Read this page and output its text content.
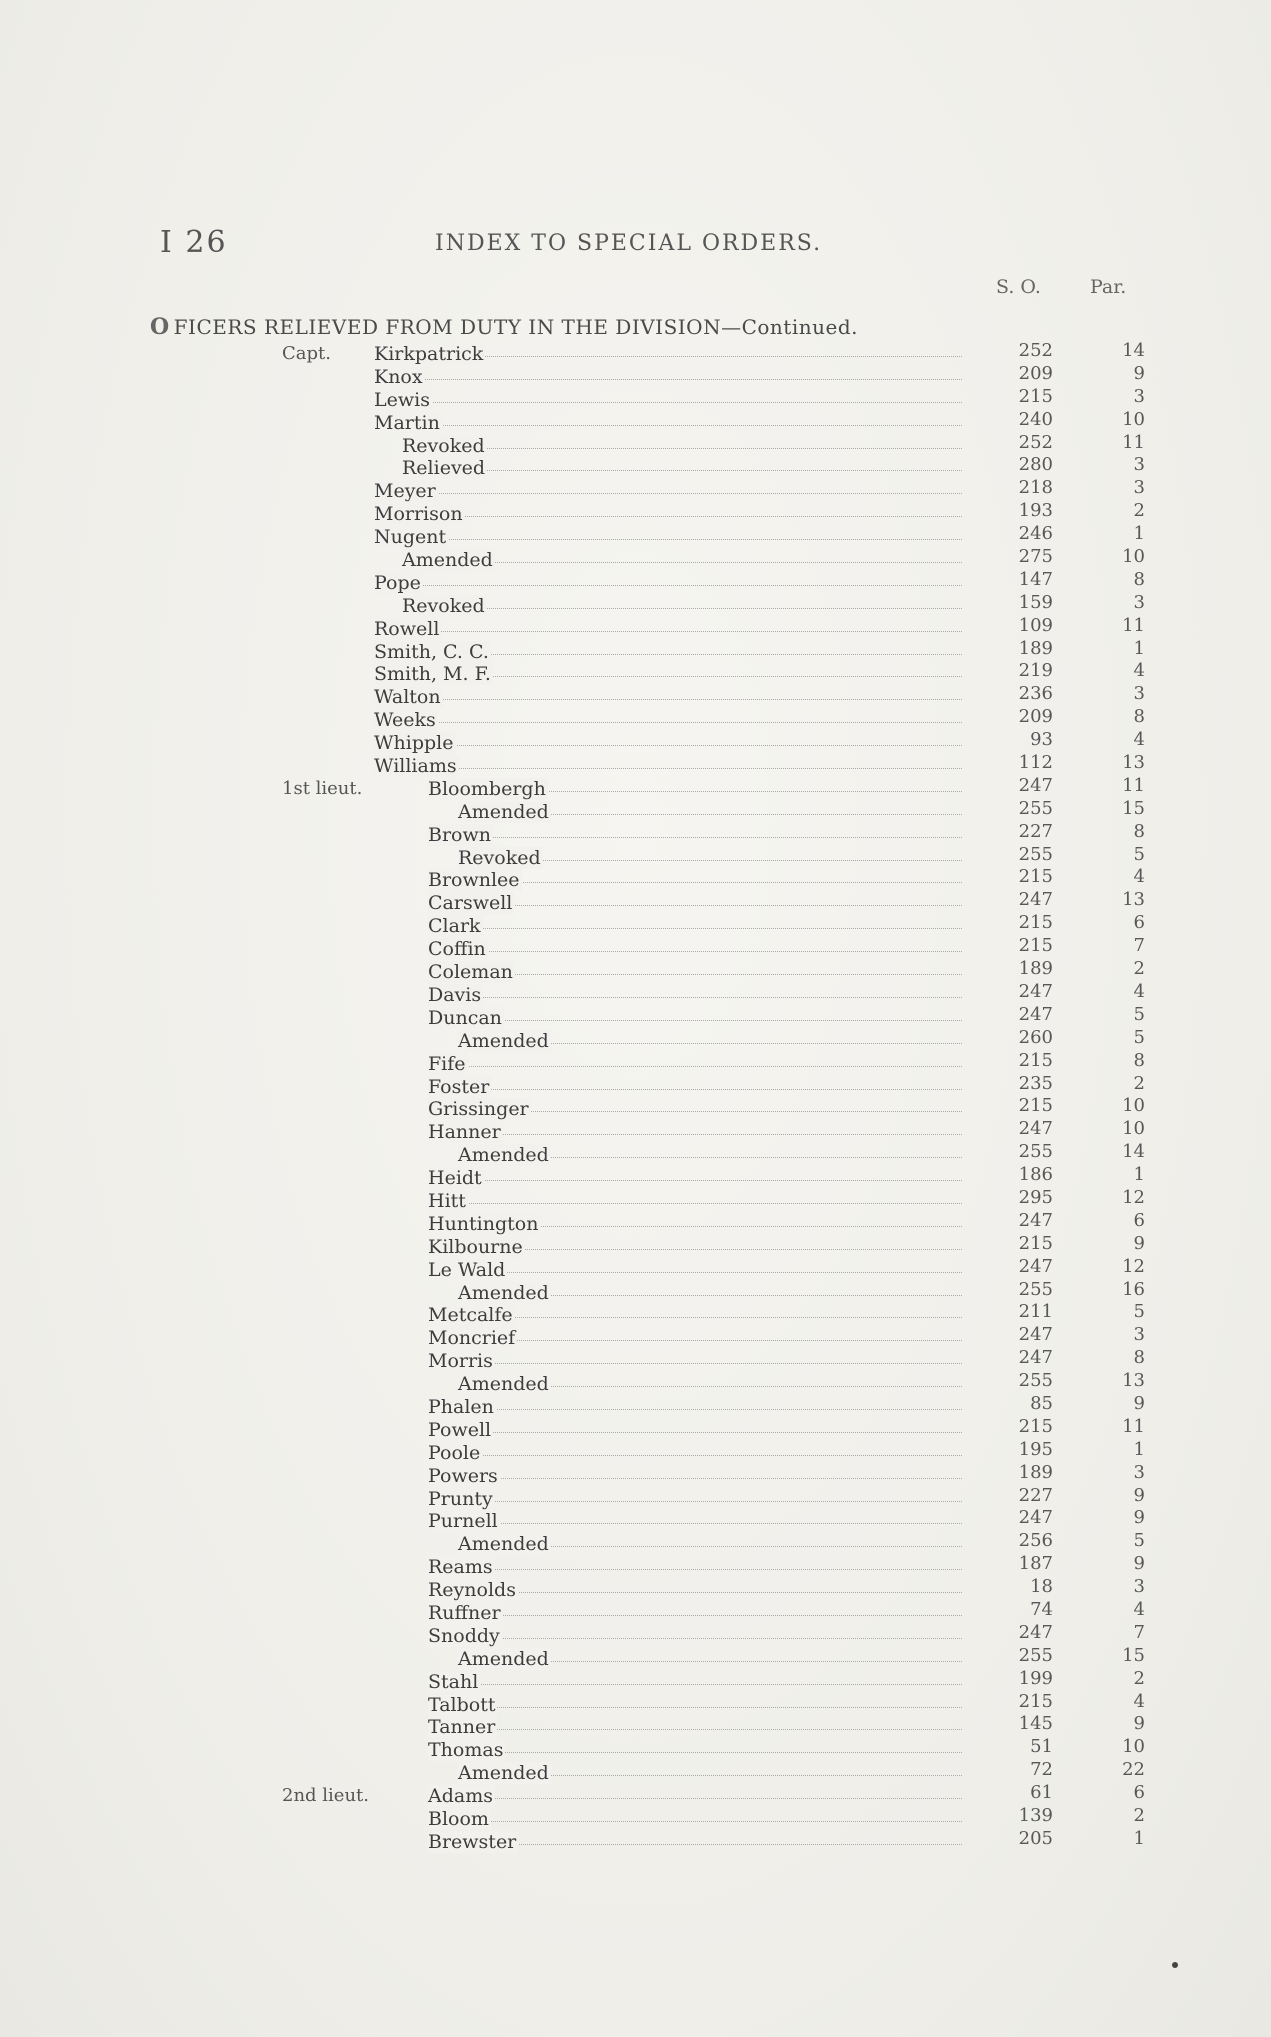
I 26	INDEX TO SPECIAL ORDERS.
S. O.	Par.
O FICERS RELIEVED FROM DUTY IN THE DIVISION—Continued.
Capt. Kirkpatrick	252	14
Knox	209	9
Lewis	215	3
Martin	240	10
Revoked	252	11
Relieved	280	3
Meyer	218	3
Morrison	193	2
Nugent	246	1
Amended	275	10
Pope	147	8
Revoked	159	3
Rowell	109	11
Smith, C. C.	189	1
Smith, M. F.	219	4
Walton	236	3
Weeks	209	8
Whipple	93	4
Williams	112	13
1st lieut.	Bloombergh	247	11
Amended	255	15
Brown	227	8
Revoked	255	5
Brownlee	215	4
Carswell	247	13
Clark	215	6
Coffin	215	7
Coleman	189	2
Davis	247	4
Duncan	247	5
Amended	260	5
Fife	215	8
Foster	235	2
Grissinger	215	10
Hanner	247	10
Amended	255	14
Heidt	186	1
Hitt	295	12
Huntington	247	6
Kilbourne	215	9
Le Wald	247	12
Amended	255	16
Metcalfe	211	5
Moncrief	247	3
Morris	247	8
Amended	255	13
Phalen	85	9
Powell	215	11
Poole	195	1
Powers	189	3
Prunty	227	9
Purnell	247	9
Amended	256	5
Reams	187	9
Reynolds	18	3
Ruffner	74	4
Snoddy	247	7
Amended	255	15
Stahl	199	2
Talbott	215	4
Tanner	145	9
Thomas	51	10
Amended	72	22
2nd lieut.	Adams	61	6
Bloom	139	2
Brewster	205	1
